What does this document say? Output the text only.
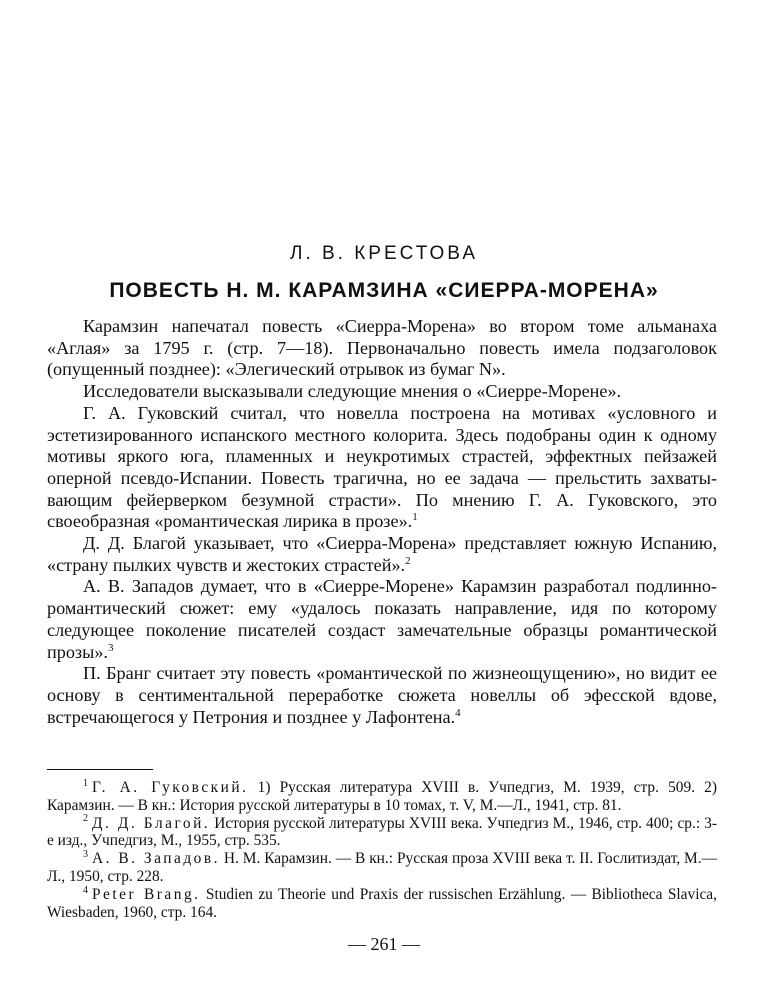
Л. В. КРЕСТОВА
ПОВЕСТЬ Н. М. КАРАМЗИНА «СИЕРРА-МОРЕНА»

Карамзин напечатал повесть «Сиерра-Морена» во втором томе альманаха «Аглая» за 1795 г. (стр. 7—18). Первоначально повесть имела подзаголовок (опущенный позднее): «Элегический отрывок из бумаг N».

Исследователи высказывали следующие мнения о «Сиерре-Морене».

Г. А. Гуковский считал, что новелла построена на мотивах «условного и эстетизированного испанского местного колорита. Здесь подобраны один к одному мотивы яркого юга, пламенных и неукротимых страстей, эффектных пейзажей оперной псевдо-Испании. Повесть трагична, но ее задача — прельстить захватывающим фейерверком безумной страсти». По мнению Г. А. Гуковского, это своеобразная «романтическая лирика в прозе».$^1$

Д. Д. Благой указывает, что «Сиерра-Морена» представляет южную Испанию, «страну пылких чувств и жестоких страстей».$^2$

А. В. Западов думает, что в «Сиерре-Морене» Карамзин разработал подлинно-романтический сюжет: ему «удалось показать направление, идя по которому следующее поколение писателей создаст замечательные образцы романтической прозы».$^3$

П. Бранг считает эту повесть «романтической по жизнеощущению», но видит ее основу в сентиментальной переработке сюжета новеллы об эфесской вдове, встречающегося у Петрония и позднее у Лафонтена.$^4$

$^1$ Г. А. Гуковский. 1) Русская литература XVIII в. Учпедгиз, М. 1939, стр. 509. 2) Карамзин. — В кн.: История русской литературы в 10 томах, т. V, М.—Л., 1941, стр. 81.

$^2$ Д. Д. Благой. История русской литературы XVIII века. Учпедгиз М., 1946, стр. 400; ср.: 3-е изд., Учпедгиз, М., 1955, стр. 535.

$^3$ А. В. Западов. Н. М. Карамзин. — В кн.: Русская проза XVIII века т. II. Гослитиздат, М.—Л., 1950, стр. 228.

$^4$ Peter Brang. Studien zu Theorie und Praxis der russischen Erzählung. — Bibliotheca Slavica, Wiesbaden, 1960, стр. 164.

— 261 —
